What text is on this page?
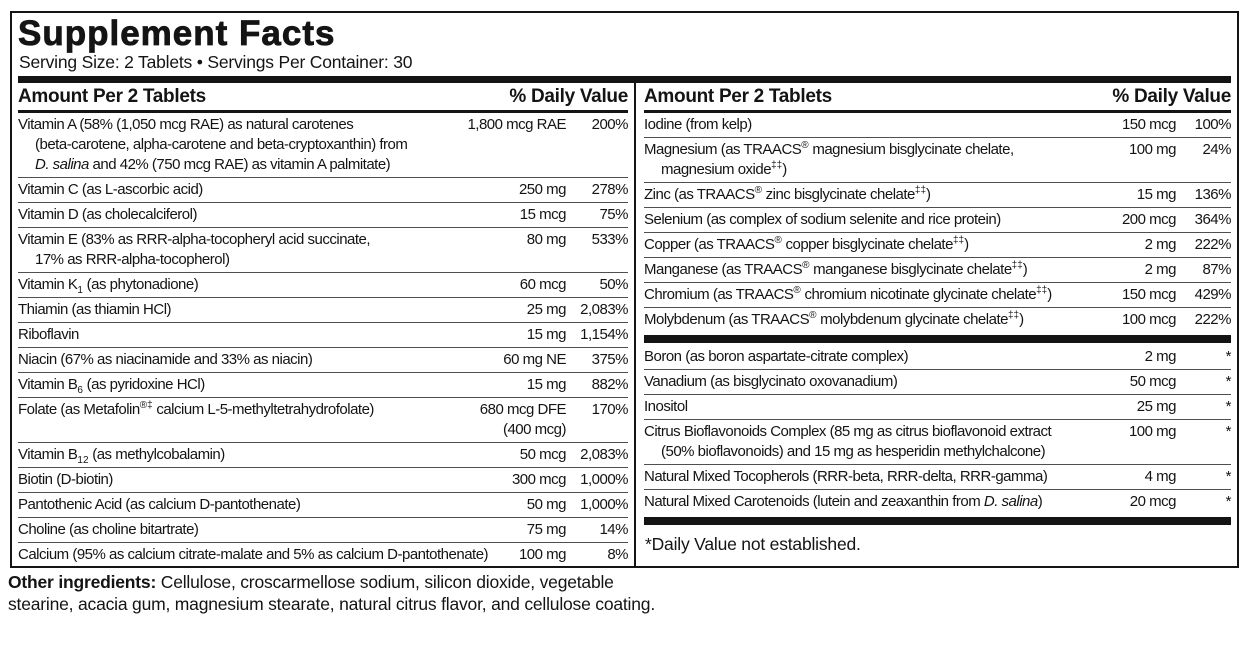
Supplement Facts
Serving Size: 2 Tablets • Servings Per Container: 30
Amount Per 2 Tablets	% Daily Value
Vitamin A (58% (1,050 mcg RAE) as natural carotenes
(beta-carotene, alpha-carotene and beta-cryptoxanthin) from
D. salina and 42% (750 mcg RAE) as vitamin A palmitate)
1,800 mcg RAE	200%
Vitamin C (as L-ascorbic acid)	250 mg	278%
Vitamin D (as cholecalciferol)	15 mcg	75%
Vitamin E (83% as RRR-alpha-tocopheryl acid succinate,
17% as RRR-alpha-tocopherol)
80 mg	533%
Vitamin $K_1$ (as phytonadione)	60 mcg	50%
Thiamin (as thiamin HCl)	25 mg 2,083%
Riboflavin	15 mg 1,154%
Niacin (67% as niacinamide and 33% as niacin)	60 mg NE	375%
Vitamin $B_6$ (as pyridoxine HCl)	15 mg	882%
Folate (as Metafolin®‡ calcium L-5-methyltetrahydrofolate)	680 mcg DFE
(400 mcg)
170%
Vitamin $B_{12}$ (as methylcobalamin)	50 mcg 2,083%
Biotin (D-biotin)	300 mcg 1,000%
Pantothenic Acid (as calcium D-pantothenate)	50 mg 1,000%
Choline (as choline bitartrate)	75 mg	14%
Calcium (95% as calcium citrate-malate and 5% as calcium D-pantothenate)	100 mg	8%
Amount Per 2 Tablets	% Daily Value
Iodine (from kelp)	150 mcg	100%
Magnesium (as TRAACS® magnesium bisglycinate chelate,
magnesium oxide‡‡)
100 mg	24%
Zinc (as TRAACS® zinc bisglycinate chelate‡‡)	15 mg	136%
Selenium (as complex of sodium selenite and rice protein)	200 mcg	364%
Copper (as TRAACS® copper bisglycinate chelate‡‡)	2 mg	222%
Manganese (as TRAACS® manganese bisglycinate chelate‡‡)	2 mg	87%
Chromium (as TRAACS® chromium nicotinate glycinate chelate‡‡)	150 mcg	429%
Molybdenum (as TRAACS® molybdenum glycinate chelate‡‡)	100 mcg	222%
Boron (as boron aspartate-citrate complex)	2 mg	*
Vanadium (as bisglycinato oxovanadium)	50 mcg	*
Inositol	25 mg	*
Citrus Bioflavonoids Complex (85 mg as citrus bioflavonoid extract
(50% bioflavonoids) and 15 mg as hesperidin methylchalcone)
100 mg	*
Natural Mixed Tocopherols (RRR-beta, RRR-delta, RRR-gamma)	4 mg	*
Natural Mixed Carotenoids (lutein and zeaxanthin from D. salina)	20 mcg	*
*Daily Value not established.
Other ingredients: Cellulose, croscarmellose sodium, silicon dioxide, vegetable
stearine, acacia gum, magnesium stearate, natural citrus flavor, and cellulose coating.
